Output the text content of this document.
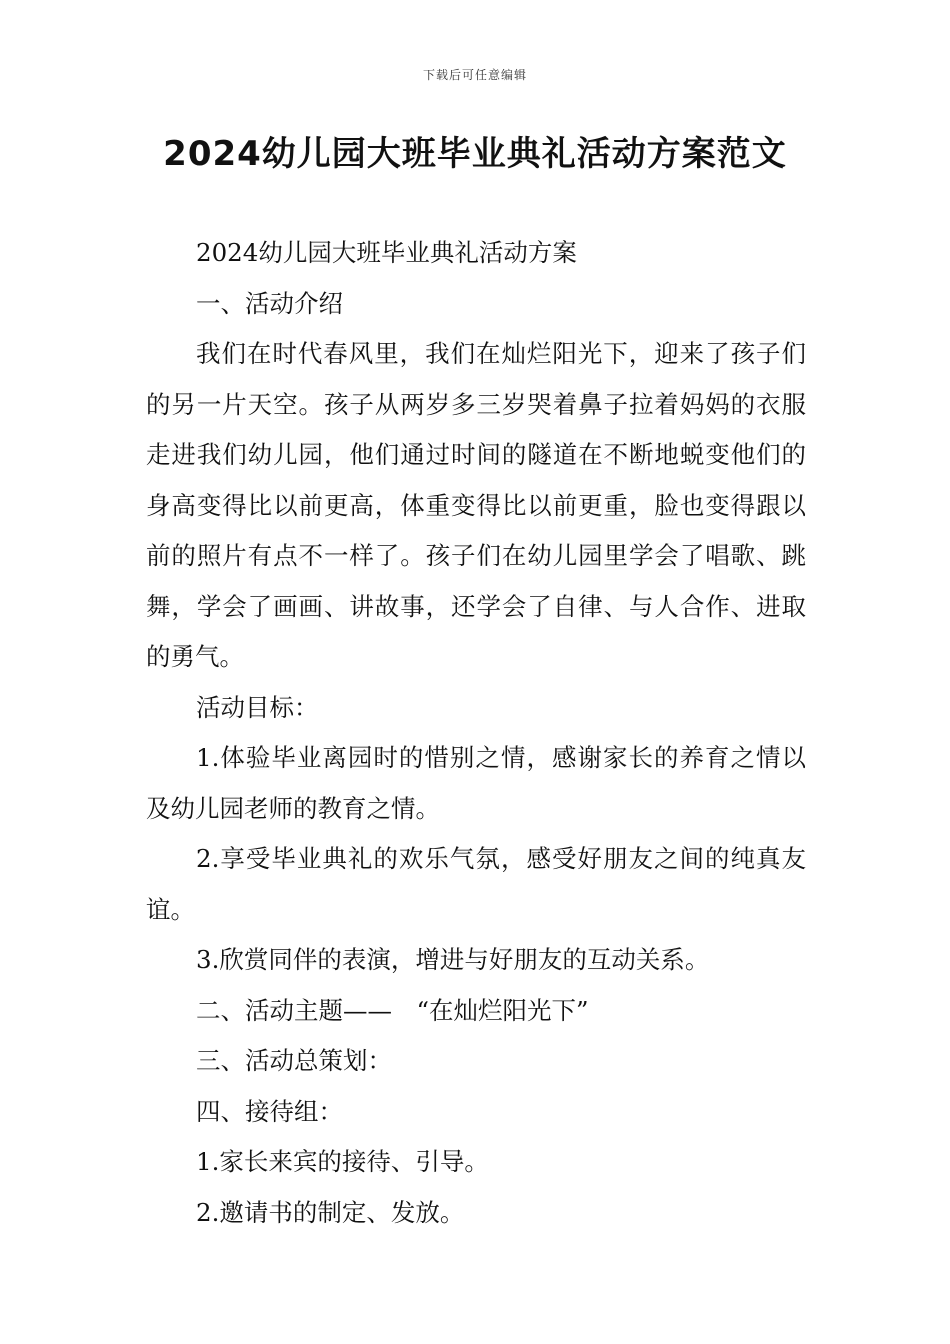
下载后可任意编辑
2024幼儿园大班毕业典礼活动方案范文

2024幼儿园大班毕业典礼活动方案

一、活动介绍

我们在时代春风里，我们在灿烂阳光下，迎来了孩子们的另一片天空。孩子从两岁多三岁哭着鼻子拉着妈妈的衣服走进我们幼儿园，他们通过时间的隧道在不断地蜕变他们的身高变得比以前更高，体重变得比以前更重，脸也变得跟以前的照片有点不一样了。孩子们在幼儿园里学会了唱歌、跳舞，学会了画画、讲故事，还学会了自律、与人合作、进取的勇气。

活动目标：

1.体验毕业离园时的惜别之情，感谢家长的养育之情以及幼儿园老师的教育之情。

2.享受毕业典礼的欢乐气氛，感受好朋友之间的纯真友谊。

3.欣赏同伴的表演，增进与好朋友的互动关系。

二、活动主题——　“在灿烂阳光下”

三、活动总策划：

四、接待组：

1.家长来宾的接待、引导。

2.邀请书的制定、发放。
